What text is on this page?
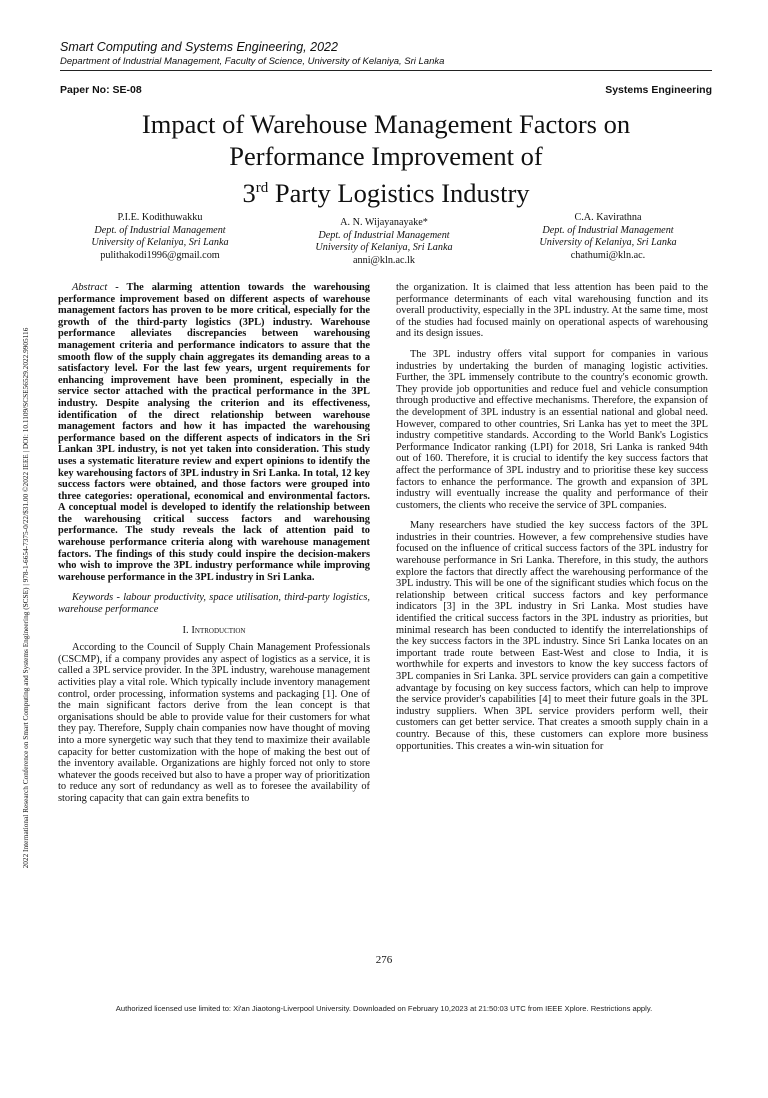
Smart Computing and Systems Engineering, 2022
Department of Industrial Management, Faculty of Science, University of Kelaniya, Sri Lanka
Paper No: SE-08	Systems Engineering
2022 International Research Conference on Smart Computing and Systems Engineering (SCSE) | 978-1-6654-7375-0/22/$31.00 ©2022 IEEE | DOI: 10.1109/SCSE56529.2022.9905116
Impact of Warehouse Management Factors on
Performance Improvement of
3rd Party Logistics Industry
P.I.E. Kodithuwakku
Dept. of Industrial Management
University of Kelaniya, Sri Lanka
pulithakodi1996@gmail.com
A. N. Wijayanayake*
Dept. of Industrial Management
University of Kelaniya, Sri Lanka
anni@kln.ac.lk
C.A. Kavirathna
Dept. of Industrial Management
University of Kelaniya, Sri Lanka
chathumi@kln.ac.

Abstract - The alarming attention towards the warehousing performance improvement based on different aspects of warehouse management factors has proven to be more critical, especially for the growth of the third-party logistics (3PL) industry. Warehouse performance alleviates discrepancies between warehousing management criteria and performance indicators to assure that the smooth flow of the supply chain aggregates its demanding areas to a satisfactory level. For the last few years, urgent requirements for enhancing improvement have been prominent, especially in the service sector attached with the practical performance in the 3PL industry. Despite analysing the criterion and its effectiveness, identification of the direct relationship between warehouse management factors and how it has impacted the warehousing performance based on the different aspects of indicators in the Sri Lankan 3PL industry, is not yet taken into consideration. This study uses a systematic literature review and expert opinions to identify the key warehousing factors of 3PL industry in Sri Lanka. In total, 12 key success factors were obtained, and those factors were grouped into three categories: operational, economical and environmental factors. A conceptual model is developed to identify the relationship between the warehousing critical success factors and warehousing performance. The study reveals the lack of attention paid to warehouse performance criteria along with warehouse management factors. The findings of this study could inspire the decision-makers who wish to improve the 3PL industry performance while improving warehouse performance in the 3PL industry in Sri Lanka.

Keywords - labour productivity, space utilisation, third-party logistics, warehouse performance

I. Introduction

According to the Council of Supply Chain Management Professionals (CSCMP), if a company provides any aspect of logistics as a service, it is called a 3PL service provider. In the 3PL industry, warehouse management activities play a vital role. Which typically include inventory management control, order processing, information systems and packaging [1]. One of the main significant factors derive from the lean concept is that organisations should be able to provide value for their customers for what they pay. Therefore, Supply chain companies now have thought of moving into a more synergetic way such that they tend to maximize their available capacity for better customization with the hope of making the best out of the inventory available. Organizations are highly forced not only to store whatever the goods received but also to have a proper way of prioritization to reduce any sort of redundancy as well as to foresee the availability of storing capacity that can gain extra benefits to

the organization. It is claimed that less attention has been paid to the performance determinants of each vital warehousing function and its overall productivity, especially in the 3PL industry. At the same time, most of the studies had focused mainly on operational aspects of warehousing and its design issues.

The 3PL industry offers vital support for companies in various industries by undertaking the burden of managing logistic activities. Further, the 3PL immensely contribute to the country's economic growth. They provide job opportunities and reduce fuel and vehicle consumption through productive and effective mechanisms. Therefore, the expansion of the development of 3PL industry is an essential national and global need. However, compared to other countries, Sri Lanka has yet to meet the 3PL industry competitive standards. According to the World Bank's Logistics Performance Indicator ranking (LPI) for 2018, Sri Lanka is ranked 94th out of 160. Therefore, it is crucial to identify the key success factors that affect the performance of 3PL industry and to prioritise these key success factors to enhance the performance. The growth and expansion of 3PL industry will eventually increase the quality and performance of their customers, the clients who receive the service of 3PL companies.

Many researchers have studied the key success factors of the 3PL industries in their countries. However, a few comprehensive studies have focused on the influence of critical success factors of the 3PL industry for warehouse performance in Sri Lanka. Therefore, in this study, the authors explore the factors that directly affect the warehousing performance of the 3PL industry. This will be one of the significant studies which focus on the relationship between critical success factors and key performance indicators [3] in the 3PL industry in Sri Lanka. Most studies have identified the critical success factors in the 3PL industry as priorities, but minimal research has been conducted to identify the interrelationships of the key success factors in the 3PL industry. Since Sri Lanka locates on an important trade route between East-West and close to India, it is worthwhile for experts and investors to know the key success factors of 3PL companies in Sri Lanka. 3PL service providers can gain a competitive advantage by focusing on key success factors, which can help to improve the service provider's capabilities [4] to meet their future goals in the 3PL industry suppliers. When 3PL service providers perform well, their customers can get better service. That creates a smooth supply chain in a country. Because of this, these customers can explore more business opportunities. This creates a win-win situation for

276
Authorized licensed use limited to: Xi'an Jiaotong-Liverpool University. Downloaded on February 10,2023 at 21:50:03 UTC from IEEE Xplore. Restrictions apply.
